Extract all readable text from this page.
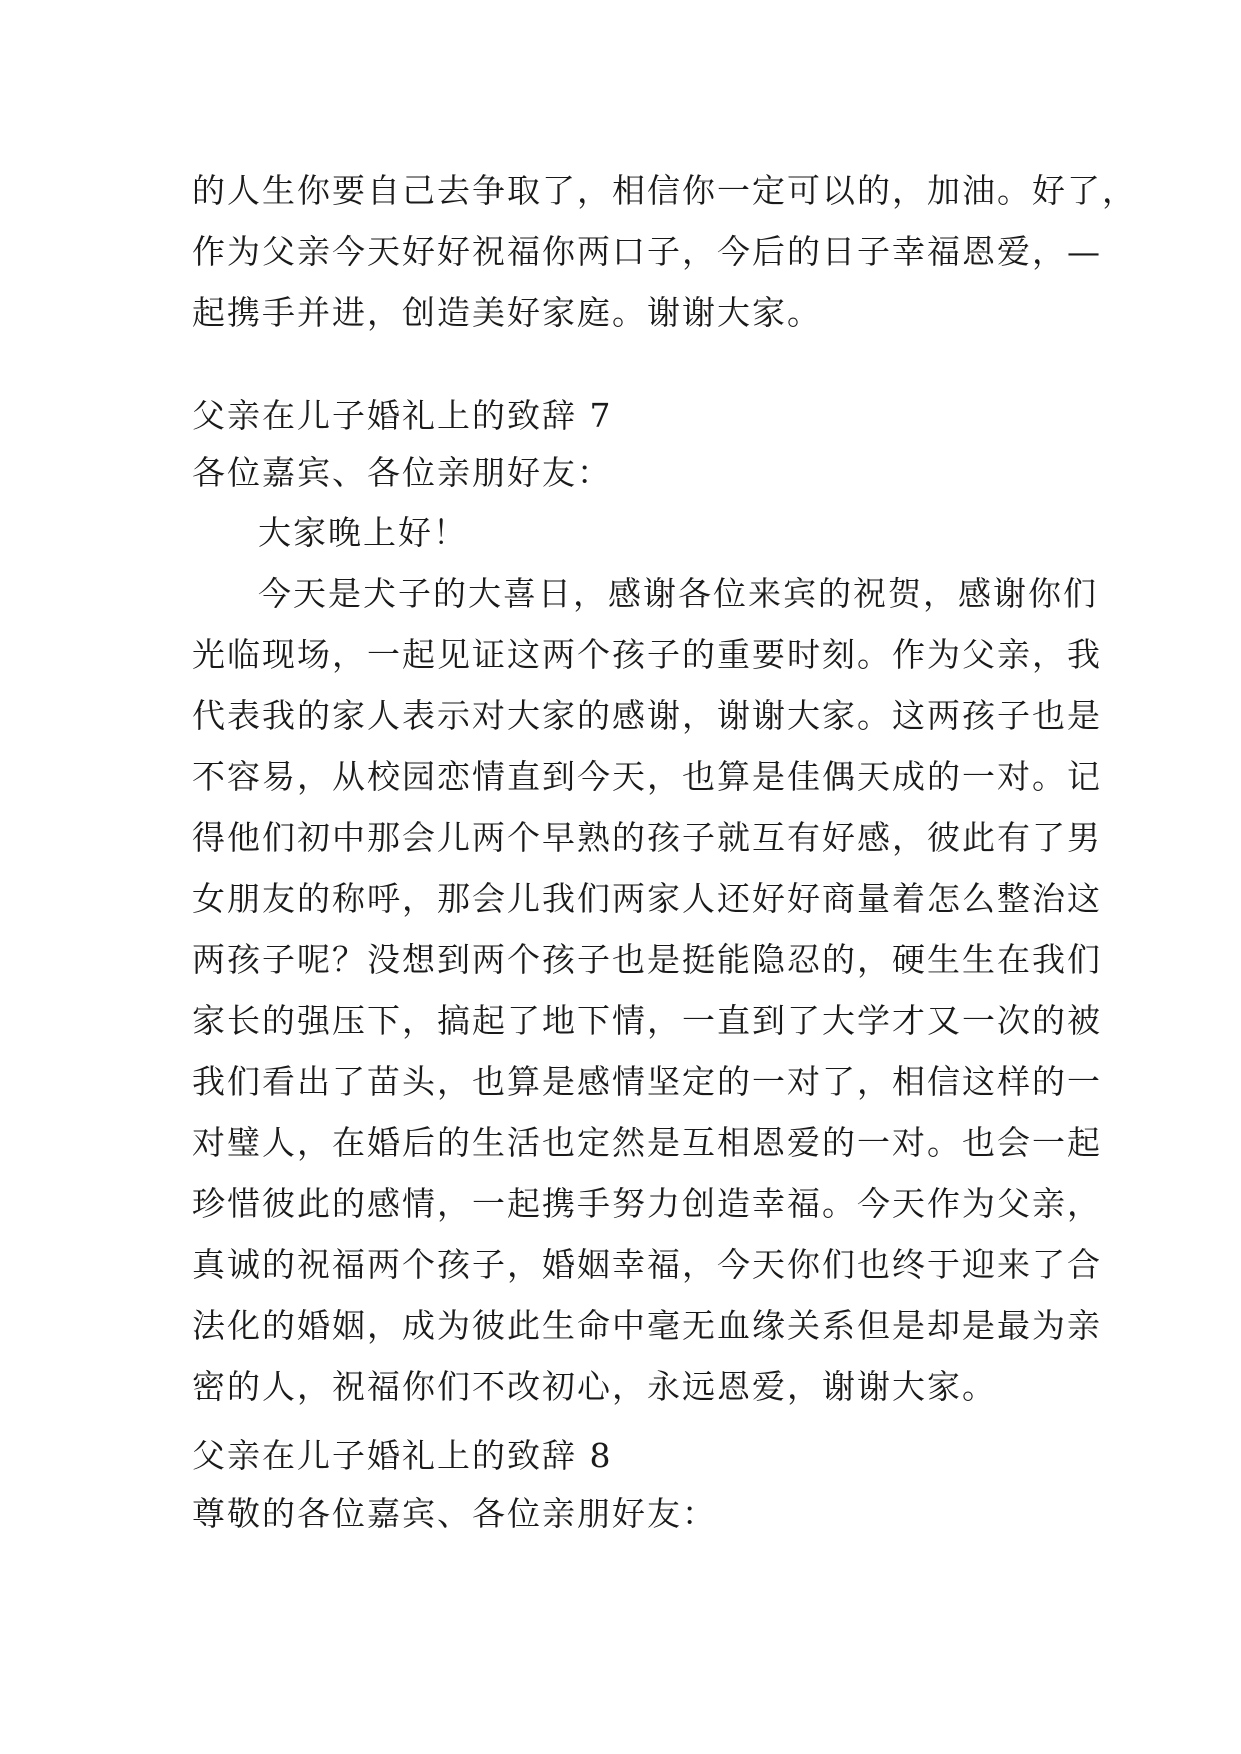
的人生你要自己去争取了，相信你一定可以的，加油。好了，
作为父亲今天好好祝福你两口子，今后的日子幸福恩爱，—
起携手并进，创造美好家庭。谢谢大家。
父亲在儿子婚礼上的致辞 7
各位嘉宾、各位亲朋好友：
大家晚上好！
今天是犬子的大喜日，感谢各位来宾的祝贺，感谢你们
光临现场，一起见证这两个孩子的重要时刻。作为父亲，我
代表我的家人表示对大家的感谢，谢谢大家。这两孩子也是
不容易，从校园恋情直到今天，也算是佳偶天成的一对。记
得他们初中那会儿两个早熟的孩子就互有好感，彼此有了男
女朋友的称呼，那会儿我们两家人还好好商量着怎么整治这
两孩子呢？没想到两个孩子也是挺能隐忍的，硬生生在我们
家长的强压下，搞起了地下情，一直到了大学才又一次的被
我们看出了苗头，也算是感情坚定的一对了，相信这样的一
对璧人，在婚后的生活也定然是互相恩爱的一对。也会一起
珍惜彼此的感情，一起携手努力创造幸福。今天作为父亲，
真诚的祝福两个孩子，婚姻幸福，今天你们也终于迎来了合
法化的婚姻，成为彼此生命中毫无血缘关系但是却是最为亲
密的人，祝福你们不改初心，永远恩爱，谢谢大家。
父亲在儿子婚礼上的致辞 8
尊敬的各位嘉宾、各位亲朋好友：
